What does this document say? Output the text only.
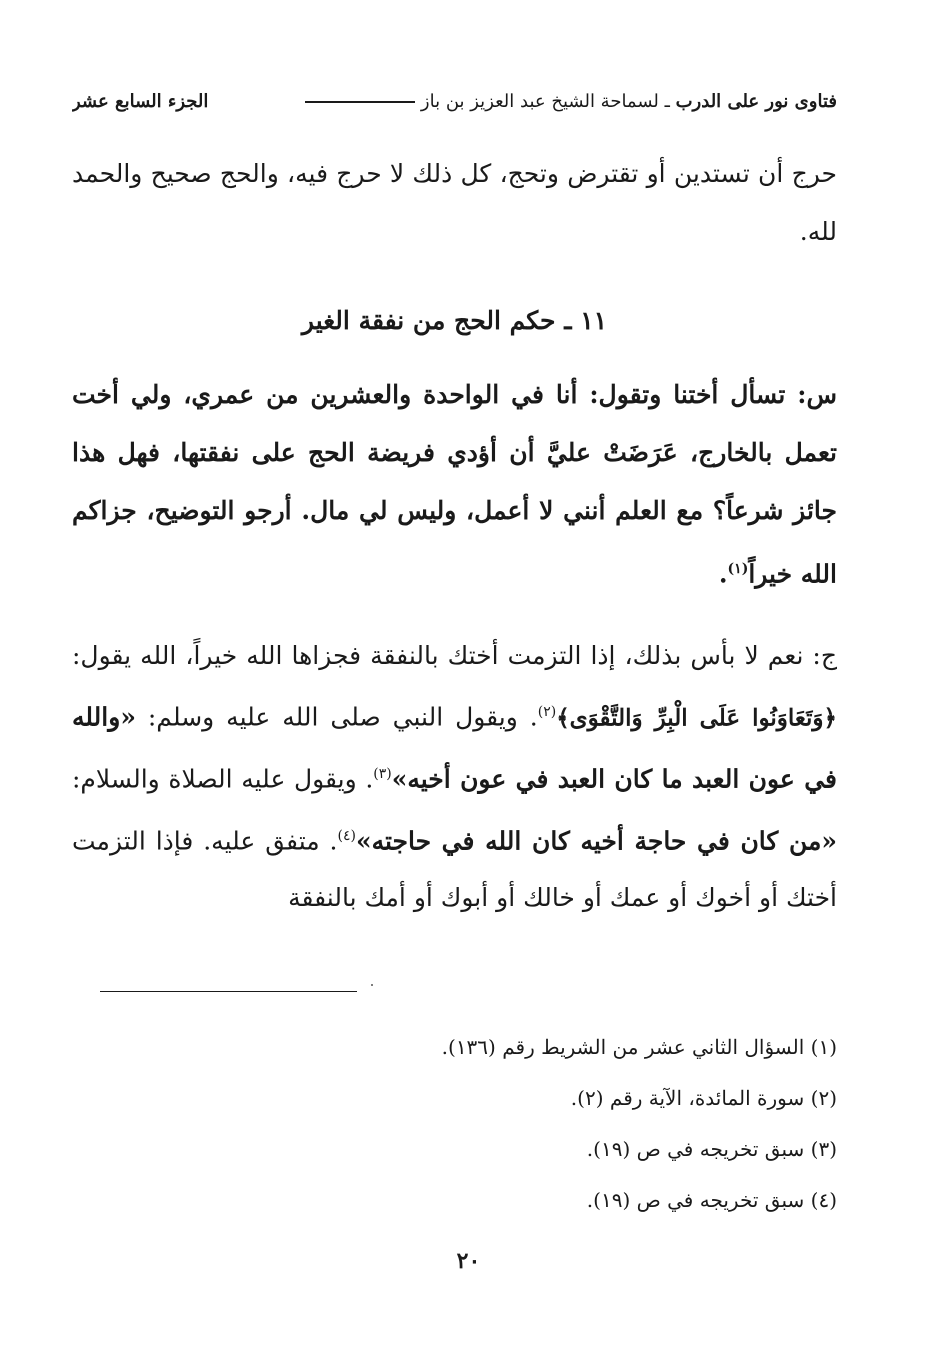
فتاوى نور على الدرب ـ لسماحة الشيخ عبد العزيز بن باز
الجزء السابع عشر

حرج أن تستدين أو تقترض وتحج، كل ذلك لا حرج فيه، والحج صحيح والحمد لله.

١١ ـ حكم الحج من نفقة الغير

س: تسأل أختنا وتقول: أنا في الواحدة والعشرين من عمري، ولي أخت تعمل بالخارج، عَرَضَتْ عليَّ أن أؤدي فريضة الحج على نفقتها، فهل هذا جائز شرعاً؟ مع العلم أنني لا أعمل، وليس لي مال. أرجو التوضيح، جزاكم الله خيراً$^{(١)}$.

ج: نعم لا بأس بذلك، إذا التزمت أختك بالنفقة فجزاها الله خيراً، الله يقول: ﴿وَتَعَاوَنُوا عَلَى الْبِرِّ وَالتَّقْوَى﴾$^{(٢)}$. ويقول النبي صلى الله عليه وسلم: «والله في عون العبد ما كان العبد في عون أخيه»$^{(٣)}$. ويقول عليه الصلاة والسلام: «من كان في حاجة أخيه كان الله في حاجته»$^{(٤)}$. متفق عليه. فإذا التزمت أختك أو أخوك أو عمك أو خالك أو أبوك أو أمك بالنفقة

(١) السؤال الثاني عشر من الشريط رقم (١٣٦).

(٢) سورة المائدة، الآية رقم (٢).

(٣) سبق تخريجه في ص (١٩).

(٤) سبق تخريجه في ص (١٩).

٢٠
